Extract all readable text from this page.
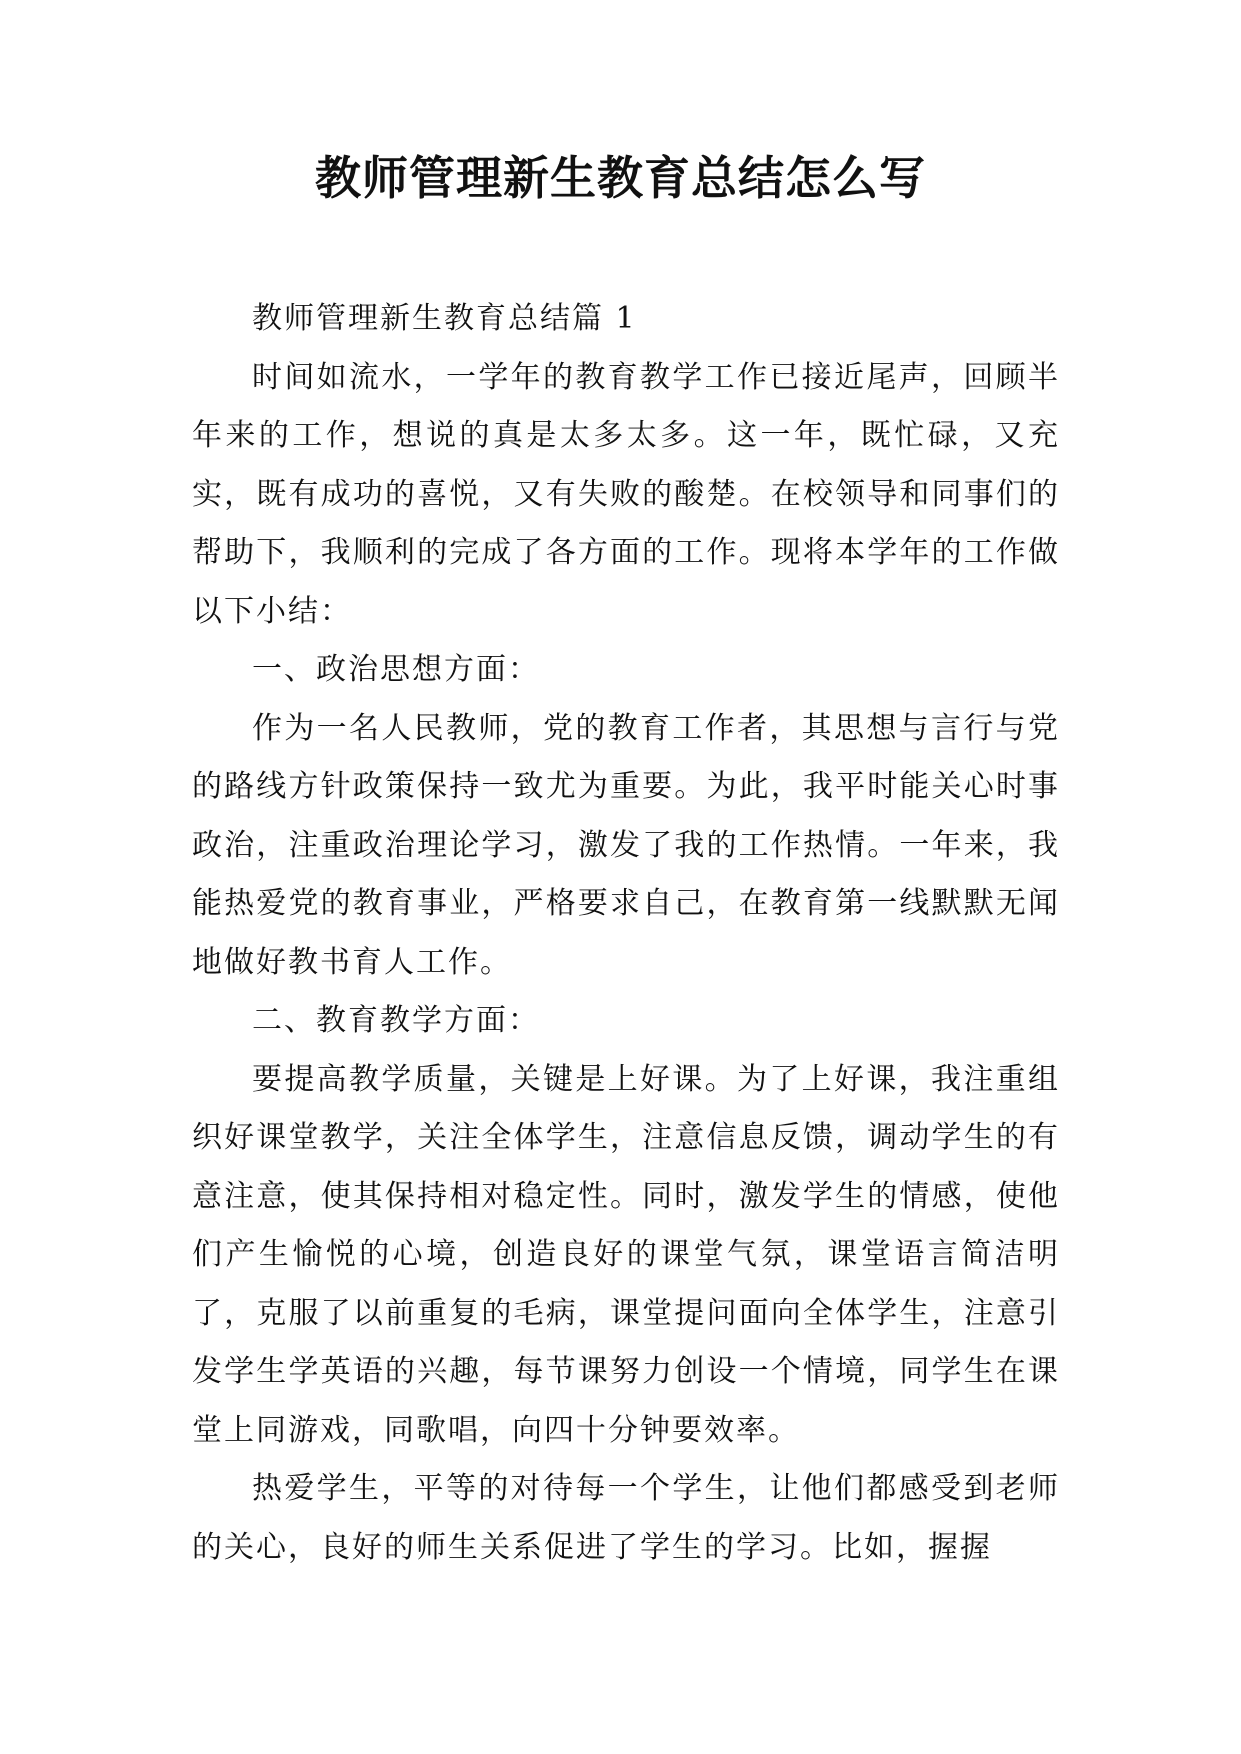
教师管理新生教育总结怎么写

教师管理新生教育总结篇 1

时间如流水，一学年的教育教学工作已接近尾声，回顾半年来的工作，想说的真是太多太多。这一年，既忙碌，又充实，既有成功的喜悦，又有失败的酸楚。在校领导和同事们的帮助下，我顺利的完成了各方面的工作。现将本学年的工作做以下小结：

一、政治思想方面：

作为一名人民教师，党的教育工作者，其思想与言行与党的路线方针政策保持一致尤为重要。为此，我平时能关心时事政治，注重政治理论学习，激发了我的工作热情。一年来，我能热爱党的教育事业，严格要求自己，在教育第一线默默无闻地做好教书育人工作。

二、教育教学方面：

要提高教学质量，关键是上好课。为了上好课，我注重组织好课堂教学，关注全体学生，注意信息反馈，调动学生的有意注意，使其保持相对稳定性。同时，激发学生的情感，使他们产生愉悦的心境，创造良好的课堂气氛，课堂语言简洁明了，克服了以前重复的毛病，课堂提问面向全体学生，注意引发学生学英语的兴趣，每节课努力创设一个情境，同学生在课堂上同游戏，同歌唱，向四十分钟要效率。

热爱学生，平等的对待每一个学生，让他们都感受到老师的关心，良好的师生关系促进了学生的学习。比如，握握
